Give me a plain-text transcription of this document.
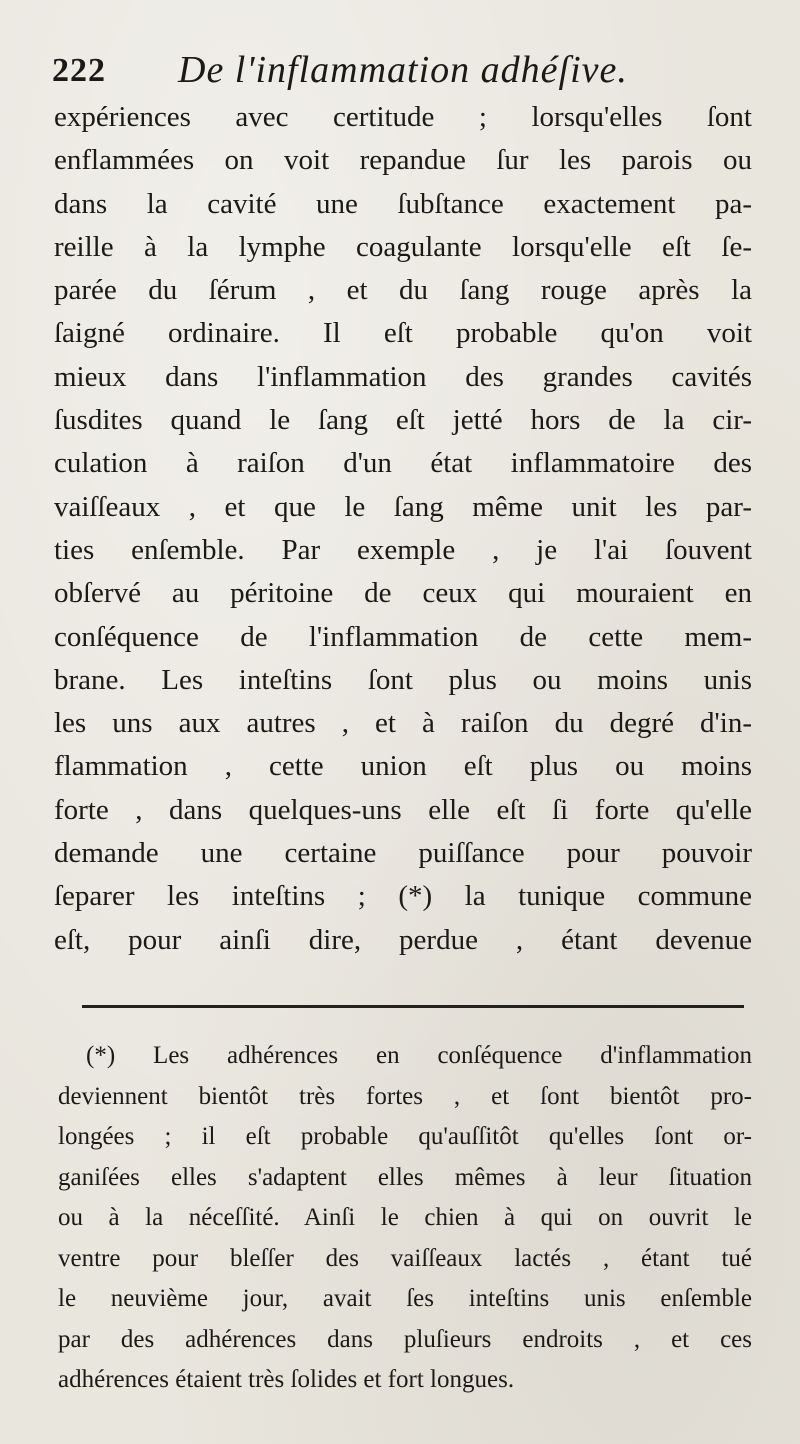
222 De l'inflammation adhéſive.
expériences avec certitude ; lorsqu'elles ſont
enflammées on voit repandue ſur les parois ou
dans la cavité une ſubſtance exactement pa-
reille à la lymphe coagulante lorsqu'elle eſt ſe-
parée du ſérum , et du ſang rouge après la
ſaigné ordinaire. Il eſt probable qu'on voit
mieux dans l'inflammation des grandes cavités
ſusdites quand le ſang eſt jetté hors de la cir-
culation à raiſon d'un état inflammatoire des
vaiſſeaux , et que le ſang même unit les par-
ties enſemble. Par exemple , je l'ai ſouvent
obſervé au péritoine de ceux qui mouraient en
conſéquence de l'inflammation de cette mem-
brane. Les inteſtins ſont plus ou moins unis
les uns aux autres , et à raiſon du degré d'in-
flammation , cette union eſt plus ou moins
forte , dans quelques-uns elle eſt ſi forte qu'elle
demande une certaine puiſſance pour pouvoir
ſeparer les inteſtins ; (*) la tunique commune
eſt, pour ainſi dire, perdue , étant devenue
(*) Les adhérences en conſéquence d'inflammation
deviennent bientôt très fortes , et ſont bientôt pro-
longées ; il eſt probable qu'auſſitôt qu'elles ſont or-
ganiſées elles s'adaptent elles mêmes à leur ſituation
ou à la néceſſité. Ainſi le chien à qui on ouvrit le
ventre pour bleſſer des vaiſſeaux lactés , étant tué
le neuvième jour, avait ſes inteſtins unis enſemble
par des adhérences dans pluſieurs endroits , et ces
adhérences étaient très ſolides et fort longues.
